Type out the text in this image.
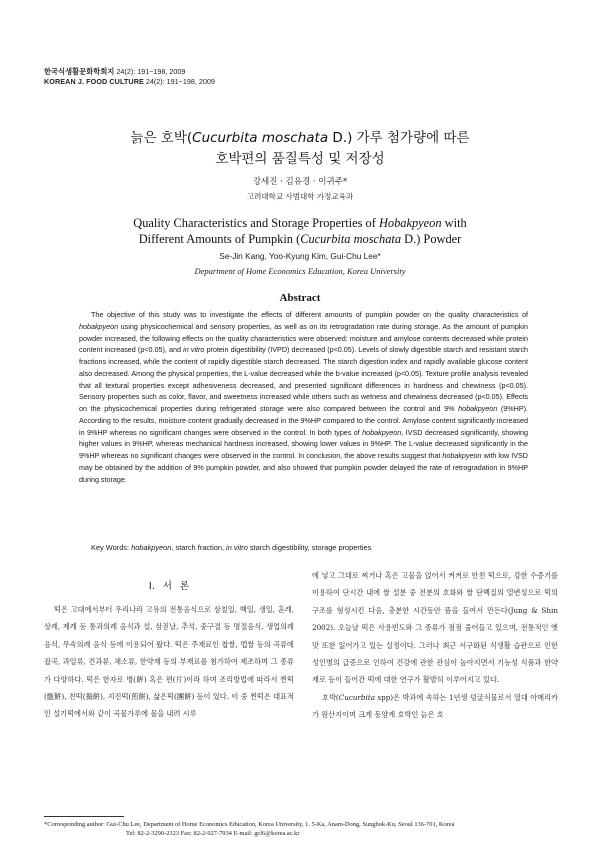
한국식생활문화학회지 24(2): 191~198, 2009
KOREAN J. FOOD CULTURE 24(2): 191~198, 2009
늙은 호박(Cucurbita moschata D.) 가루 첨가량에 따른
호박편의 품질특성 및 저장성
강세진 · 김유경 · 이귀주*
고려대학교 사범대학 가정교육과
Quality Characteristics and Storage Properties of Hobakpyeon with
Different Amounts of Pumpkin (Cucurbita moschata D.) Powder
Se-Jin Kang, Yoo-Kyung Kim, Gui-Chu Lee*
Department of Home Economics Education, Korea University
Abstract

The objective of this study was to investigate the effects of different amounts of pumpkin powder on the quality characteristics of hobakpyeon using physicochemical and sensory properties, as well as on its retrogradation rate during storage. As the amount of pumpkin powder increased, the following effects on the quality characteristics were observed: moisture and amylose contents decreased while protein content increased (p<0.05), and in vitro protein digestibility (IVPD) decreased (p<0.05). Levels of slowly digestible starch and resistant starch fractions increased, while the content of rapidly digestible starch decreased. The starch digestion index and rapidly available glucose content also decreased. Among the physical properties, the L-value decreased while the b-value increased (p<0.05). Texture profile analysis revealed that all textural properties except adhesiveness decreased, and presented significant differences in hardness and chewiness (p<0.05). Sensory properties such as color, flavor, and sweetness increased while others such as wetness and chewiness decreased (p<0.05). Effects on the physicochemical properties during refrigerated storage were also compared between the control and 9% hobakpyeon (9%HP). According to the results, moisture content gradually decreased in the 9%HP compared to the control. Amylose content significantly increased in 9%HP whereas no significant changes were observed in the control. In both types of hobakpyeon, IVSD decreased significantly, showing higher values in 9%HP, whereas mechanical hardness increased, showing lower values in 9%HP. The L-value decreased significantly in the 9%HP whereas no significant changes were observed in the control. In conclusion, the above results suggest that hobakpyeon with low IVSD may be obtained by the addition of 9% pumpkin powder, and also showed that pumpkin powder delayed the rate of retrogradation in 9%HP during storage.

Key Words: hobakpyeon, starch fraction, in vitro starch digestibility, storage properties
I. 서 론

떡은 고대에서부터 우리나라 고유의 전통음식으로 삼칠일, 백일, 생일, 혼례, 상례, 제례 등 통과의례 음식과 설, 삼짇날, 추석, 중구절 등 명절음식, 생업의례 음식, 무속의례 음식 등에 이용되어 왔다. 떡은 주재료인 찹쌀, 멥쌀 등의 곡류에 잡곡, 과일류, 견과류, 채소류, 한약재 등의 부재료를 첨가하여 제조하며 그 종류가 다양하다. 떡은 한자로 병(餠) 혹은 편(片)이라 하며 조리방법에 따라서 찐떡(甑餠), 친떡(搗餠), 지진떡(煎餠), 삶은떡(團餠) 등이 있다. 이 중 찐떡은 대표적인 설기떡에서와 같이 곡물가루에 물을 내려 시루

에 넣고 그대로 찌거나 혹은 고물을 얹어서 켜켜로 안친 떡으로, 강한 수증기를 이용하여 단시간 내에 쌀 설분 중 전분의 호화와 쌀 단백질의 열변성으로 떡의 구조를 형성시킨 다음, 충분한 시간동안 뜸을 들여서 만든다(Jung & Shin 2002). 오늘날 떡은 사용빈도와 그 종류가 점점 줄어들고 있으며, 전통적인 옛 맛 또한 잃어가고 있는 실정이다. 그러나 최근 서구화된 식생활 습관으로 인한 성인병의 급증으로 인하여 건강에 관한 관심이 높아지면서 기능성 식품과 한약재로 등이 들어간 떡에 대한 연구가 활발히 이루어지고 있다.

호박(Cucurbita spp)은 박과에 속하는 1년생 덩굴식물로서 열대 아메리카가 원산지이며 크게 동양계 호박인 늙은 호

*Corresponding author: Gui-Chu Lee, Department of Home Economics Education, Korea University, 1. 5-Ka, Anam-Dong, Sungbuk-Ku, Seoul 136-701, Korea
Tel: 82-2-3290-2323 Fax: 82-2-927-7934 E-mail: gcl6@korea.ac.kr
